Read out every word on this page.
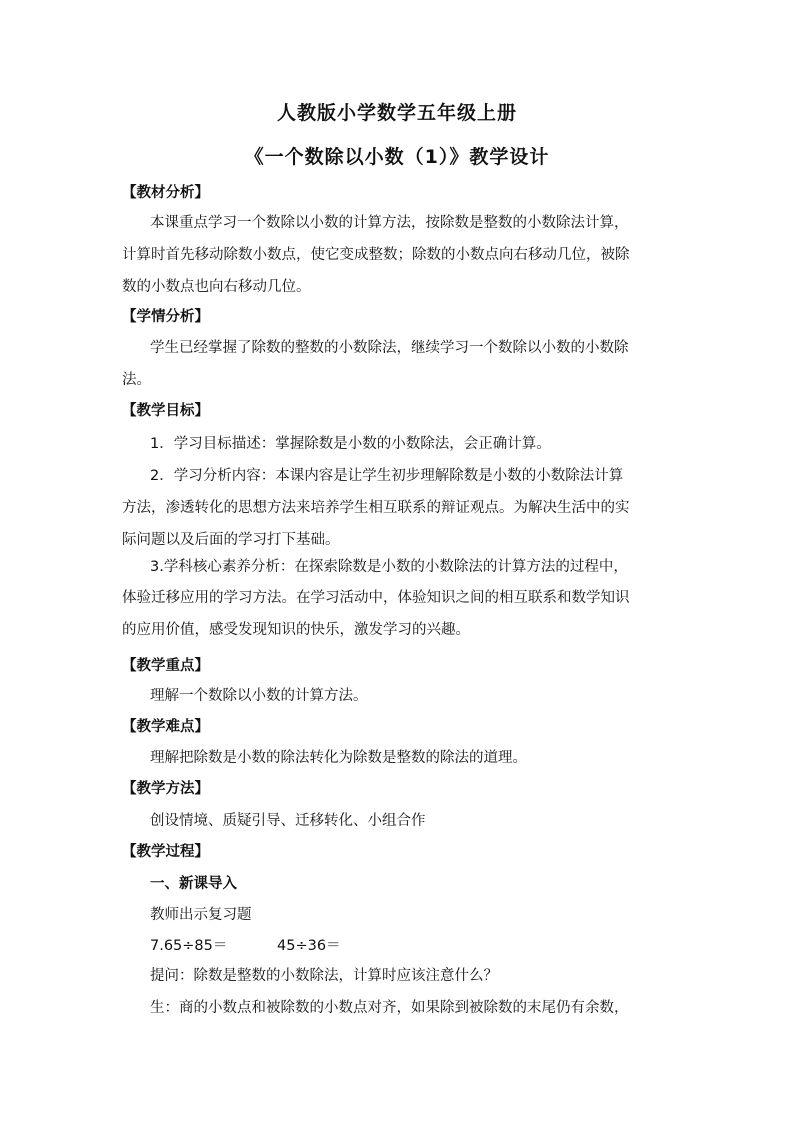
人教版小学数学五年级上册
《一个数除以小数（1）》教学设计
【教材分析】
本课重点学习一个数除以小数的计算方法，按除数是整数的小数除法计算，
计算时首先移动除数小数点，使它变成整数；除数的小数点向右移动几位，被除
数的小数点也向右移动几位。
【学情分析】
学生已经掌握了除数的整数的小数除法，继续学习一个数除以小数的小数除
法。
【教学目标】
1．学习目标描述：掌握除数是小数的小数除法，会正确计算。
2．学习分析内容：本课内容是让学生初步理解除数是小数的小数除法计算
方法，渗透转化的思想方法来培养学生相互联系的辩证观点。为解决生活中的实
际问题以及后面的学习打下基础。
3.学科核心素养分析：在探索除数是小数的小数除法的计算方法的过程中，
体验迁移应用的学习方法。在学习活动中，体验知识之间的相互联系和数学知识
的应用价值，感受发现知识的快乐，激发学习的兴趣。
【教学重点】
理解一个数除以小数的计算方法。
【教学难点】
理解把除数是小数的除法转化为除数是整数的除法的道理。
【教学方法】
创设情境、质疑引导、迁移转化、小组合作
【教学过程】
一、新课导入
教师出示复习题
7.65÷85＝	45÷36＝
提问：除数是整数的小数除法，计算时应该注意什么？
生：商的小数点和被除数的小数点对齐，如果除到被除数的末尾仍有余数，
